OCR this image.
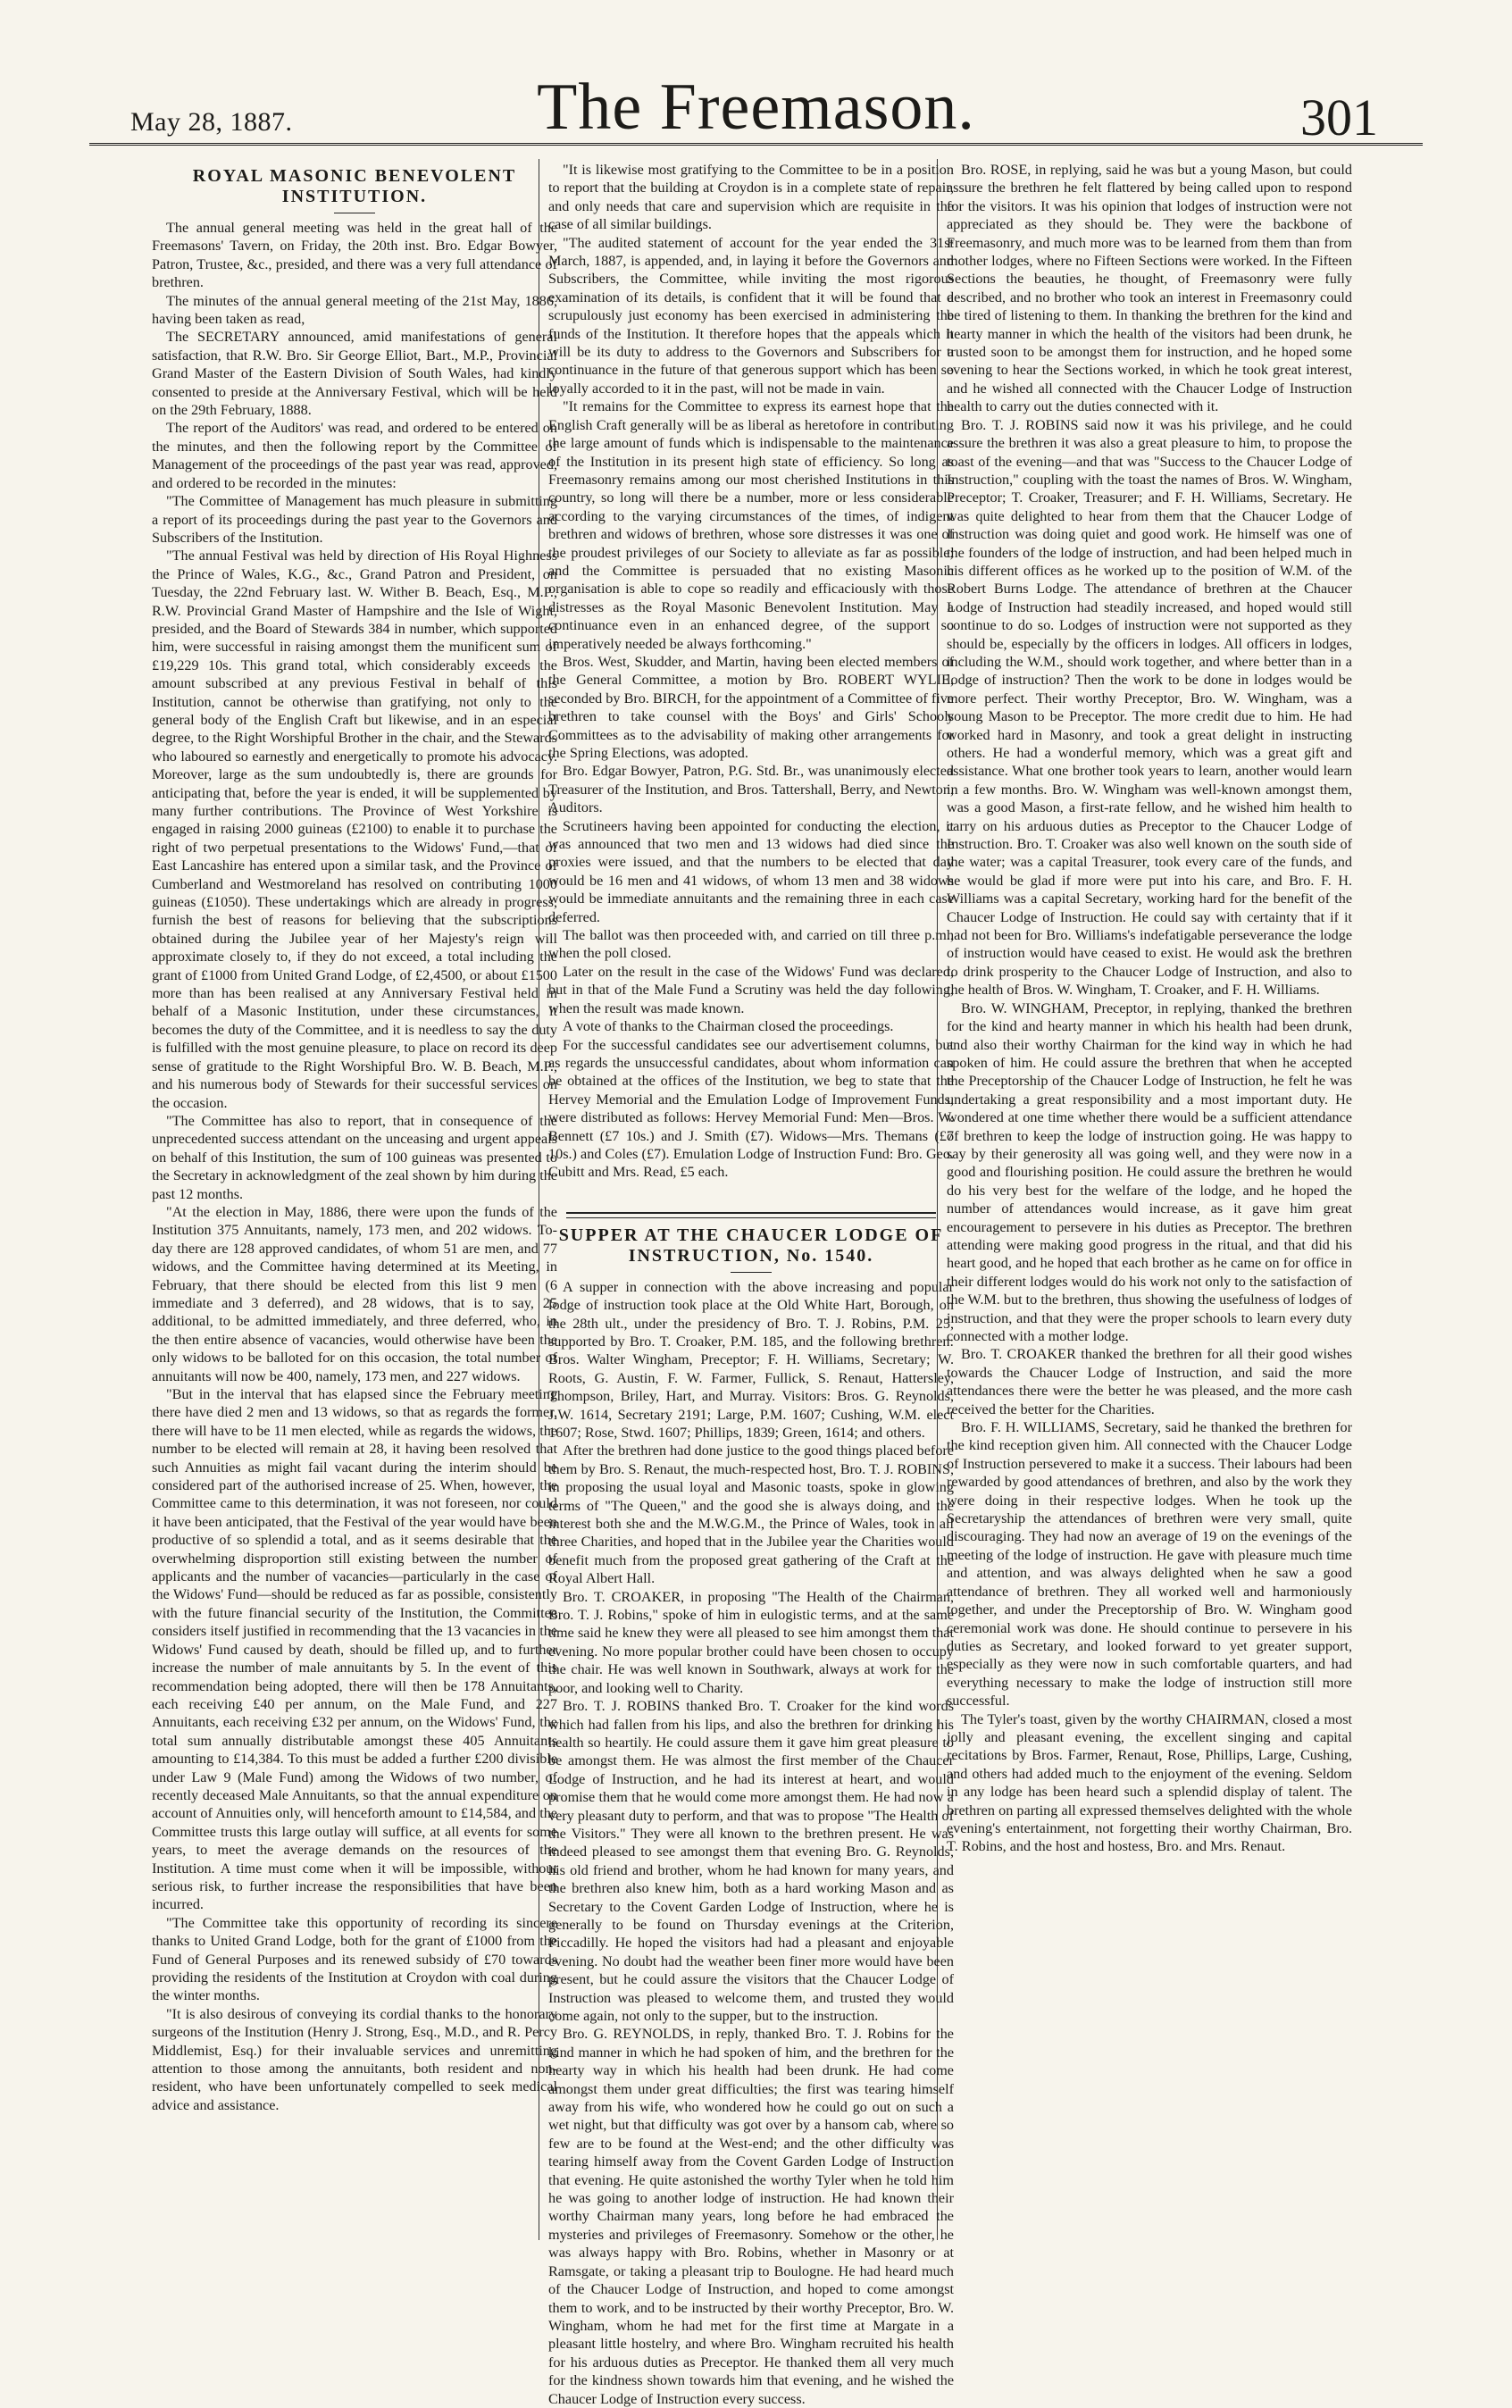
May 28, 1887.	The Freemason.	301
ROYAL MASONIC BENEVOLENT INSTITUTION.

The annual general meeting was held in the great hall of the Freemasons' Tavern, on Friday, the 20th inst. Bro. Edgar Bowyer, Patron, Trustee, &c., presided, and there was a very full attendance of brethren.

The minutes of the annual general meeting of the 21st May, 1886, having been taken as read,

The SECRETARY announced, amid manifestations of general satisfaction, that R.W. Bro. Sir George Elliot, Bart., M.P., Provincial Grand Master of the Eastern Division of South Wales, had kindly consented to preside at the Anniversary Festival, which will be held on the 29th February, 1888.

The report of the Auditors' was read, and ordered to be entered on the minutes, and then the following report by the Committee of Management of the proceedings of the past year was read, approved, and ordered to be recorded in the minutes:

"The Committee of Management has much pleasure in submitting a report of its proceedings during the past year to the Governors and Subscribers of the Institution.

"The annual Festival was held by direction of His Royal Highness the Prince of Wales, K.G., &c., Grand Patron and President, on Tuesday, the 22nd February last. W. Wither B. Beach, Esq., M.P., R.W. Provincial Grand Master of Hampshire and the Isle of Wight, presided, and the Board of Stewards 384 in number, which supported him, were successful in raising amongst them the munificent sum of £19,229 10s. This grand total, which considerably exceeds the amount subscribed at any previous Festival in behalf of this Institution, cannot be otherwise than gratifying, not only to the general body of the English Craft but likewise, and in an especial degree, to the Right Worshipful Brother in the chair, and the Stewards who laboured so earnestly and energetically to promote his advocacy. Moreover, large as the sum undoubtedly is, there are grounds for anticipating that, before the year is ended, it will be supplemented by many further contributions. The Province of West Yorkshire is engaged in raising 2000 guineas (£2100) to enable it to purchase the right of two perpetual presentations to the Widows' Fund,—that of East Lancashire has entered upon a similar task, and the Province of Cumberland and Westmoreland has resolved on contributing 1000 guineas (£1050). These undertakings which are already in progress, furnish the best of reasons for believing that the subscriptions obtained during the Jubilee year of her Majesty's reign will approximate closely to, if they do not exceed, a total including the grant of £1000 from United Grand Lodge, of £2,4500, or about £1500 more than has been realised at any Anniversary Festival held in behalf of a Masonic Institution, under these circumstances, it becomes the duty of the Committee, and it is needless to say the duty is fulfilled with the most genuine pleasure, to place on record its deep sense of gratitude to the Right Worshipful Bro. W. B. Beach, M.P., and his numerous body of Stewards for their successful services on the occasion.

"The Committee has also to report, that in consequence of the unprecedented success attendant on the unceasing and urgent appeals on behalf of this Institution, the sum of 100 guineas was presented to the Secretary in acknowledgment of the zeal shown by him during the past 12 months.

"At the election in May, 1886, there were upon the funds of the Institution 375 Annuitants, namely, 173 men, and 202 widows. To-day there are 128 approved candidates, of whom 51 are men, and 77 widows, and the Committee having determined at its Meeting, in February, that there should be elected from this list 9 men (6 immediate and 3 deferred), and 28 widows, that is to say, 25 additional, to be admitted immediately, and three deferred, who, in the then entire absence of vacancies, would otherwise have been the only widows to be balloted for on this occasion, the total number of annuitants will now be 400, namely, 173 men, and 227 widows.

"But in the interval that has elapsed since the February meeting there have died 2 men and 13 widows, so that as regards the former, there will have to be 11 men elected, while as regards the widows, the number to be elected will remain at 28, it having been resolved that such Annuities as might fail vacant during the interim should be considered part of the authorised increase of 25. When, however, the Committee came to this determination, it was not foreseen, nor could it have been anticipated, that the Festival of the year would have been productive of so splendid a total, and as it seems desirable that the overwhelming disproportion still existing between the number of applicants and the number of vacancies—particularly in the case of the Widows' Fund—should be reduced as far as possible, consistently with the future financial security of the Institution, the Committee considers itself justified in recommending that the 13 vacancies in the Widows' Fund caused by death, should be filled up, and to further increase the number of male annuitants by 5. In the event of this recommendation being adopted, there will then be 178 Annuitants, each receiving £40 per annum, on the Male Fund, and 227 Annuitants, each receiving £32 per annum, on the Widows' Fund, the total sum annually distributable amongst these 405 Annuitants amounting to £14,384. To this must be added a further £200 divisible under Law 9 (Male Fund) among the Widows of two number, of recently deceased Male Annuitants, so that the annual expenditure on account of Annuities only, will henceforth amount to £14,584, and the Committee trusts this large outlay will suffice, at all events for some years, to meet the average demands on the resources of the Institution. A time must come when it will be impossible, without serious risk, to further increase the responsibilities that have been incurred.

"The Committee take this opportunity of recording its sincere thanks to United Grand Lodge, both for the grant of £1000 from the Fund of General Purposes and its renewed subsidy of £70 towards providing the residents of the Institution at Croydon with coal during the winter months.

"It is also desirous of conveying its cordial thanks to the honorary surgeons of the Institution (Henry J. Strong, Esq., M.D., and R. Percy Middlemist, Esq.) for their invaluable services and unremitting attention to those among the annuitants, both resident and non-resident, who have been unfortunately compelled to seek medical advice and assistance.

"It is likewise most gratifying to the Committee to be in a position to report that the building at Croydon is in a complete state of repair, and only needs that care and supervision which are requisite in the case of all similar buildings.

"The audited statement of account for the year ended the 31st March, 1887, is appended, and, in laying it before the Governors and Subscribers, the Committee, while inviting the most rigorous examination of its details, is confident that it will be found that a scrupulously just economy has been exercised in administering the funds of the Institution. It therefore hopes that the appeals which it will be its duty to address to the Governors and Subscribers for a continuance in the future of that generous support which has been so loyally accorded to it in the past, will not be made in vain.

"It remains for the Committee to express its earnest hope that the English Craft generally will be as liberal as heretofore in contributing the large amount of funds which is indispensable to the maintenance of the Institution in its present high state of efficiency. So long as Freemasonry remains among our most cherished Institutions in this country, so long will there be a number, more or less considerable according to the varying circumstances of the times, of indigent brethren and widows of brethren, whose sore distresses it was one of the proudest privileges of our Society to alleviate as far as possible; and the Committee is persuaded that no existing Masonic organisation is able to cope so readily and efficaciously with those distresses as the Royal Masonic Benevolent Institution. May a continuance even in an enhanced degree, of the support so imperatively needed be always forthcoming."

Bros. West, Skudder, and Martin, having been elected members of the General Committee, a motion by Bro. ROBERT WYLIE, seconded by Bro. BIRCH, for the appointment of a Committee of five brethren to take counsel with the Boys' and Girls' Schools Committees as to the advisability of making other arrangements for the Spring Elections, was adopted.

Bro. Edgar Bowyer, Patron, P.G. Std. Br., was unanimously elected Treasurer of the Institution, and Bros. Tattershall, Berry, and Newton, Auditors.

Scrutineers having been appointed for conducting the election, it was announced that two men and 13 widows had died since the proxies were issued, and that the numbers to be elected that day would be 16 men and 41 widows, of whom 13 men and 38 widows would be immediate annuitants and the remaining three in each case deferred.

The ballot was then proceeded with, and carried on till three p.m., when the poll closed.

Later on the result in the case of the Widows' Fund was declared, but in that of the Male Fund a Scrutiny was held the day following, when the result was made known.

A vote of thanks to the Chairman closed the proceedings.

For the successful candidates see our advertisement columns, but as regards the unsuccessful candidates, about whom information can be obtained at the offices of the Institution, we beg to state that the Hervey Memorial and the Emulation Lodge of Improvement Funds, were distributed as follows: Hervey Memorial Fund: Men—Bros. W. Bennett (£7 10s.) and J. Smith (£7). Widows—Mrs. Themans (£7 10s.) and Coles (£7). Emulation Lodge of Instruction Fund: Bro. Geo. Cubitt and Mrs. Read, £5 each.

SUPPER AT THE CHAUCER LODGE OF INSTRUCTION, No. 1540.

A supper in connection with the above increasing and popular lodge of instruction took place at the Old White Hart, Borough, on the 28th ult., under the presidency of Bro. T. J. Robins, P.M. 25, supported by Bro. T. Croaker, P.M. 185, and the following brethren: Bros. Walter Wingham, Preceptor; F. H. Williams, Secretary; W. Roots, G. Austin, F. W. Farmer, Fullick, S. Renaut, Hattersley, Thompson, Briley, Hart, and Murray. Visitors: Bros. G. Reynolds, J.W. 1614, Secretary 2191; Large, P.M. 1607; Cushing, W.M. elect 1607; Rose, Stwd. 1607; Phillips, 1839; Green, 1614; and others.

After the brethren had done justice to the good things placed before them by Bro. S. Renaut, the much-respected host, Bro. T. J. ROBINS, in proposing the usual loyal and Masonic toasts, spoke in glowing terms of "The Queen," and the good she is always doing, and the interest both she and the M.W.G.M., the Prince of Wales, took in all three Charities, and hoped that in the Jubilee year the Charities would benefit much from the proposed great gathering of the Craft at the Royal Albert Hall.

Bro. T. CROAKER, in proposing "The Health of the Chairman, Bro. T. J. Robins," spoke of him in eulogistic terms, and at the same time said he knew they were all pleased to see him amongst them that evening. No more popular brother could have been chosen to occupy the chair. He was well known in Southwark, always at work for the poor, and looking well to Charity.

Bro. T. J. ROBINS thanked Bro. T. Croaker for the kind words which had fallen from his lips, and also the brethren for drinking his health so heartily. He could assure them it gave him great pleasure to be amongst them. He was almost the first member of the Chaucer Lodge of Instruction, and he had its interest at heart, and would promise them that he would come more amongst them. He had now a very pleasant duty to perform, and that was to propose "The Health of the Visitors." They were all known to the brethren present. He was indeed pleased to see amongst them that evening Bro. G. Reynolds, his old friend and brother, whom he had known for many years, and the brethren also knew him, both as a hard working Mason and as Secretary to the Covent Garden Lodge of Instruction, where he is generally to be found on Thursday evenings at the Criterion, Piccadilly. He hoped the visitors had had a pleasant and enjoyable evening. No doubt had the weather been finer more would have been present, but he could assure the visitors that the Chaucer Lodge of Instruction was pleased to welcome them, and trusted they would come again, not only to the supper, but to the instruction.

Bro. G. REYNOLDS, in reply, thanked Bro. T. J. Robins for the kind manner in which he had spoken of him, and the brethren for the hearty way in which his health had been drunk. He had come amongst them under great difficulties; the first was tearing himself away from his wife, who wondered how he could go out on such a wet night, but that difficulty was got over by a hansom cab, where so few are to be found at the West-end; and the other difficulty was tearing himself away from the Covent Garden Lodge of Instruction that evening. He quite astonished the worthy Tyler when he told him he was going to another lodge of instruction. He had known their worthy Chairman many years, long before he had embraced the mysteries and privileges of Freemasonry. Somehow or the other, he was always happy with Bro. Robins, whether in Masonry or at Ramsgate, or taking a pleasant trip to Boulogne. He had heard much of the Chaucer Lodge of Instruction, and hoped to come amongst them to work, and to be instructed by their worthy Preceptor, Bro. W. Wingham, whom he had met for the first time at Margate in a pleasant little hostelry, and where Bro. Wingham recruited his health for his arduous duties as Preceptor. He thanked them all very much for the kindness shown towards him that evening, and he wished the Chaucer Lodge of Instruction every success.

Bro. ROSE, in replying, said he was but a young Mason, but could assure the brethren he felt flattered by being called upon to respond for the visitors. It was his opinion that lodges of instruction were not appreciated as they should be. They were the backbone of Freemasonry, and much more was to be learned from them than from mother lodges, where no Fifteen Sections were worked. In the Fifteen Sections the beauties, he thought, of Freemasonry were fully described, and no brother who took an interest in Freemasonry could be tired of listening to them. In thanking the brethren for the kind and hearty manner in which the health of the visitors had been drunk, he trusted soon to be amongst them for instruction, and he hoped some evening to hear the Sections worked, in which he took great interest, and he wished all connected with the Chaucer Lodge of Instruction health to carry out the duties connected with it.

Bro. T. J. ROBINS said now it was his privilege, and he could assure the brethren it was also a great pleasure to him, to propose the toast of the evening—and that was "Success to the Chaucer Lodge of Instruction," coupling with the toast the names of Bros. W. Wingham, Preceptor; T. Croaker, Treasurer; and F. H. Williams, Secretary. He was quite delighted to hear from them that the Chaucer Lodge of Instruction was doing quiet and good work. He himself was one of the founders of the lodge of instruction, and had been helped much in his different offices as he worked up to the position of W.M. of the Robert Burns Lodge. The attendance of brethren at the Chaucer Lodge of Instruction had steadily increased, and hoped would still continue to do so. Lodges of instruction were not supported as they should be, especially by the officers in lodges. All officers in lodges, including the W.M., should work together, and where better than in a lodge of instruction? Then the work to be done in lodges would be more perfect. Their worthy Preceptor, Bro. W. Wingham, was a young Mason to be Preceptor. The more credit due to him. He had worked hard in Masonry, and took a great delight in instructing others. He had a wonderful memory, which was a great gift and assistance. What one brother took years to learn, another would learn in a few months. Bro. W. Wingham was well-known amongst them, was a good Mason, a first-rate fellow, and he wished him health to carry on his arduous duties as Preceptor to the Chaucer Lodge of Instruction. Bro. T. Croaker was also well known on the south side of the water; was a capital Treasurer, took every care of the funds, and he would be glad if more were put into his care, and Bro. F. H. Williams was a capital Secretary, working hard for the benefit of the Chaucer Lodge of Instruction. He could say with certainty that if it had not been for Bro. Williams's indefatigable perseverance the lodge of instruction would have ceased to exist. He would ask the brethren to drink prosperity to the Chaucer Lodge of Instruction, and also to the health of Bros. W. Wingham, T. Croaker, and F. H. Williams.

Bro. W. WINGHAM, Preceptor, in replying, thanked the brethren for the kind and hearty manner in which his health had been drunk, and also their worthy Chairman for the kind way in which he had spoken of him. He could assure the brethren that when he accepted the Preceptorship of the Chaucer Lodge of Instruction, he felt he was undertaking a great responsibility and a most important duty. He wondered at one time whether there would be a sufficient attendance of brethren to keep the lodge of instruction going. He was happy to say by their generosity all was going well, and they were now in a good and flourishing position. He could assure the brethren he would do his very best for the welfare of the lodge, and he hoped the number of attendances would increase, as it gave him great encouragement to persevere in his duties as Preceptor. The brethren attending were making good progress in the ritual, and that did his heart good, and he hoped that each brother as he came on for office in their different lodges would do his work not only to the satisfaction of the W.M. but to the brethren, thus showing the usefulness of lodges of instruction, and that they were the proper schools to learn every duty connected with a mother lodge.

Bro. T. CROAKER thanked the brethren for all their good wishes towards the Chaucer Lodge of Instruction, and said the more attendances there were the better he was pleased, and the more cash received the better for the Charities.

Bro. F. H. WILLIAMS, Secretary, said he thanked the brethren for the kind reception given him. All connected with the Chaucer Lodge of Instruction persevered to make it a success. Their labours had been rewarded by good attendances of brethren, and also by the work they were doing in their respective lodges. When he took up the Secretaryship the attendances of brethren were very small, quite discouraging. They had now an average of 19 on the evenings of the meeting of the lodge of instruction. He gave with pleasure much time and attention, and was always delighted when he saw a good attendance of brethren. They all worked well and harmoniously together, and under the Preceptorship of Bro. W. Wingham good ceremonial work was done. He should continue to persevere in his duties as Secretary, and looked forward to yet greater support, especially as they were now in such comfortable quarters, and had everything necessary to make the lodge of instruction still more successful.

The Tyler's toast, given by the worthy CHAIRMAN, closed a most jolly and pleasant evening, the excellent singing and capital recitations by Bros. Farmer, Renaut, Rose, Phillips, Large, Cushing, and others had added much to the enjoyment of the evening. Seldom in any lodge has been heard such a splendid display of talent. The brethren on parting all expressed themselves delighted with the whole evening's entertainment, not forgetting their worthy Chairman, Bro. T. Robins, and the host and hostess, Bro. and Mrs. Renaut.
